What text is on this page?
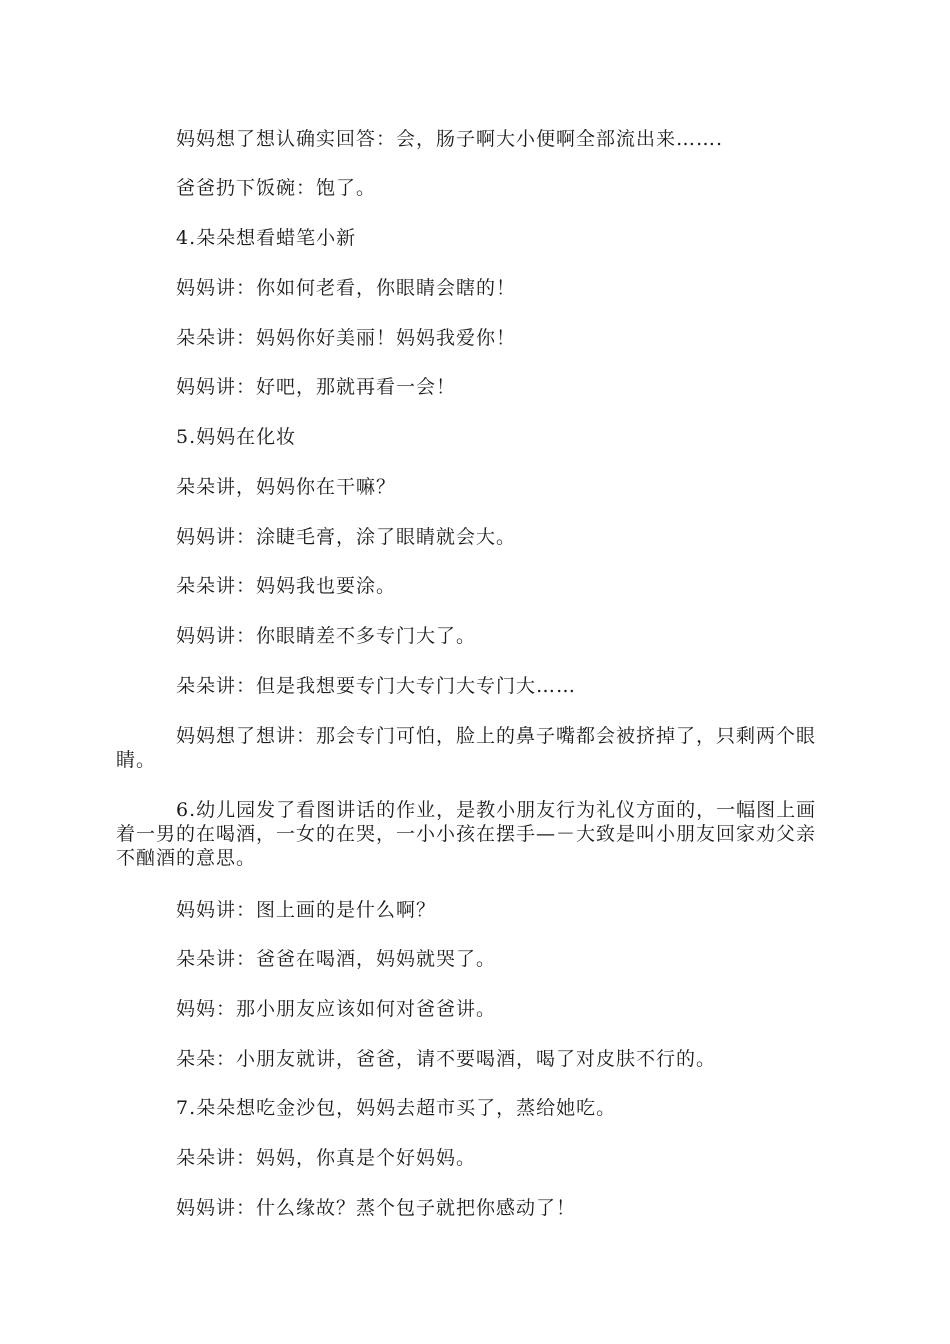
妈妈想了想认确实回答：会，肠子啊大小便啊全部流出来…….
爸爸扔下饭碗：饱了。
4.朵朵想看蜡笔小新
妈妈讲：你如何老看，你眼睛会瞎的！
朵朵讲：妈妈你好美丽！妈妈我爱你！
妈妈讲：好吧，那就再看一会！
5.妈妈在化妆
朵朵讲，妈妈你在干嘛？
妈妈讲：涂睫毛膏，涂了眼睛就会大。
朵朵讲：妈妈我也要涂。
妈妈讲：你眼睛差不多专门大了。
朵朵讲：但是我想要专门大专门大专门大……
妈妈想了想讲：那会专门可怕，脸上的鼻子嘴都会被挤掉了，只剩两个眼睛。
6.幼儿园发了看图讲话的作业，是教小朋友行为礼仪方面的，一幅图上画着一男的在喝酒，一女的在哭，一小小孩在摆手—－大致是叫小朋友回家劝父亲不酗酒的意思。
妈妈讲：图上画的是什么啊？
朵朵讲：爸爸在喝酒，妈妈就哭了。
妈妈：那小朋友应该如何对爸爸讲。
朵朵：小朋友就讲，爸爸，请不要喝酒，喝了对皮肤不行的。
7.朵朵想吃金沙包，妈妈去超市买了，蒸给她吃。
朵朵讲：妈妈，你真是个好妈妈。
妈妈讲：什么缘故？蒸个包子就把你感动了！
